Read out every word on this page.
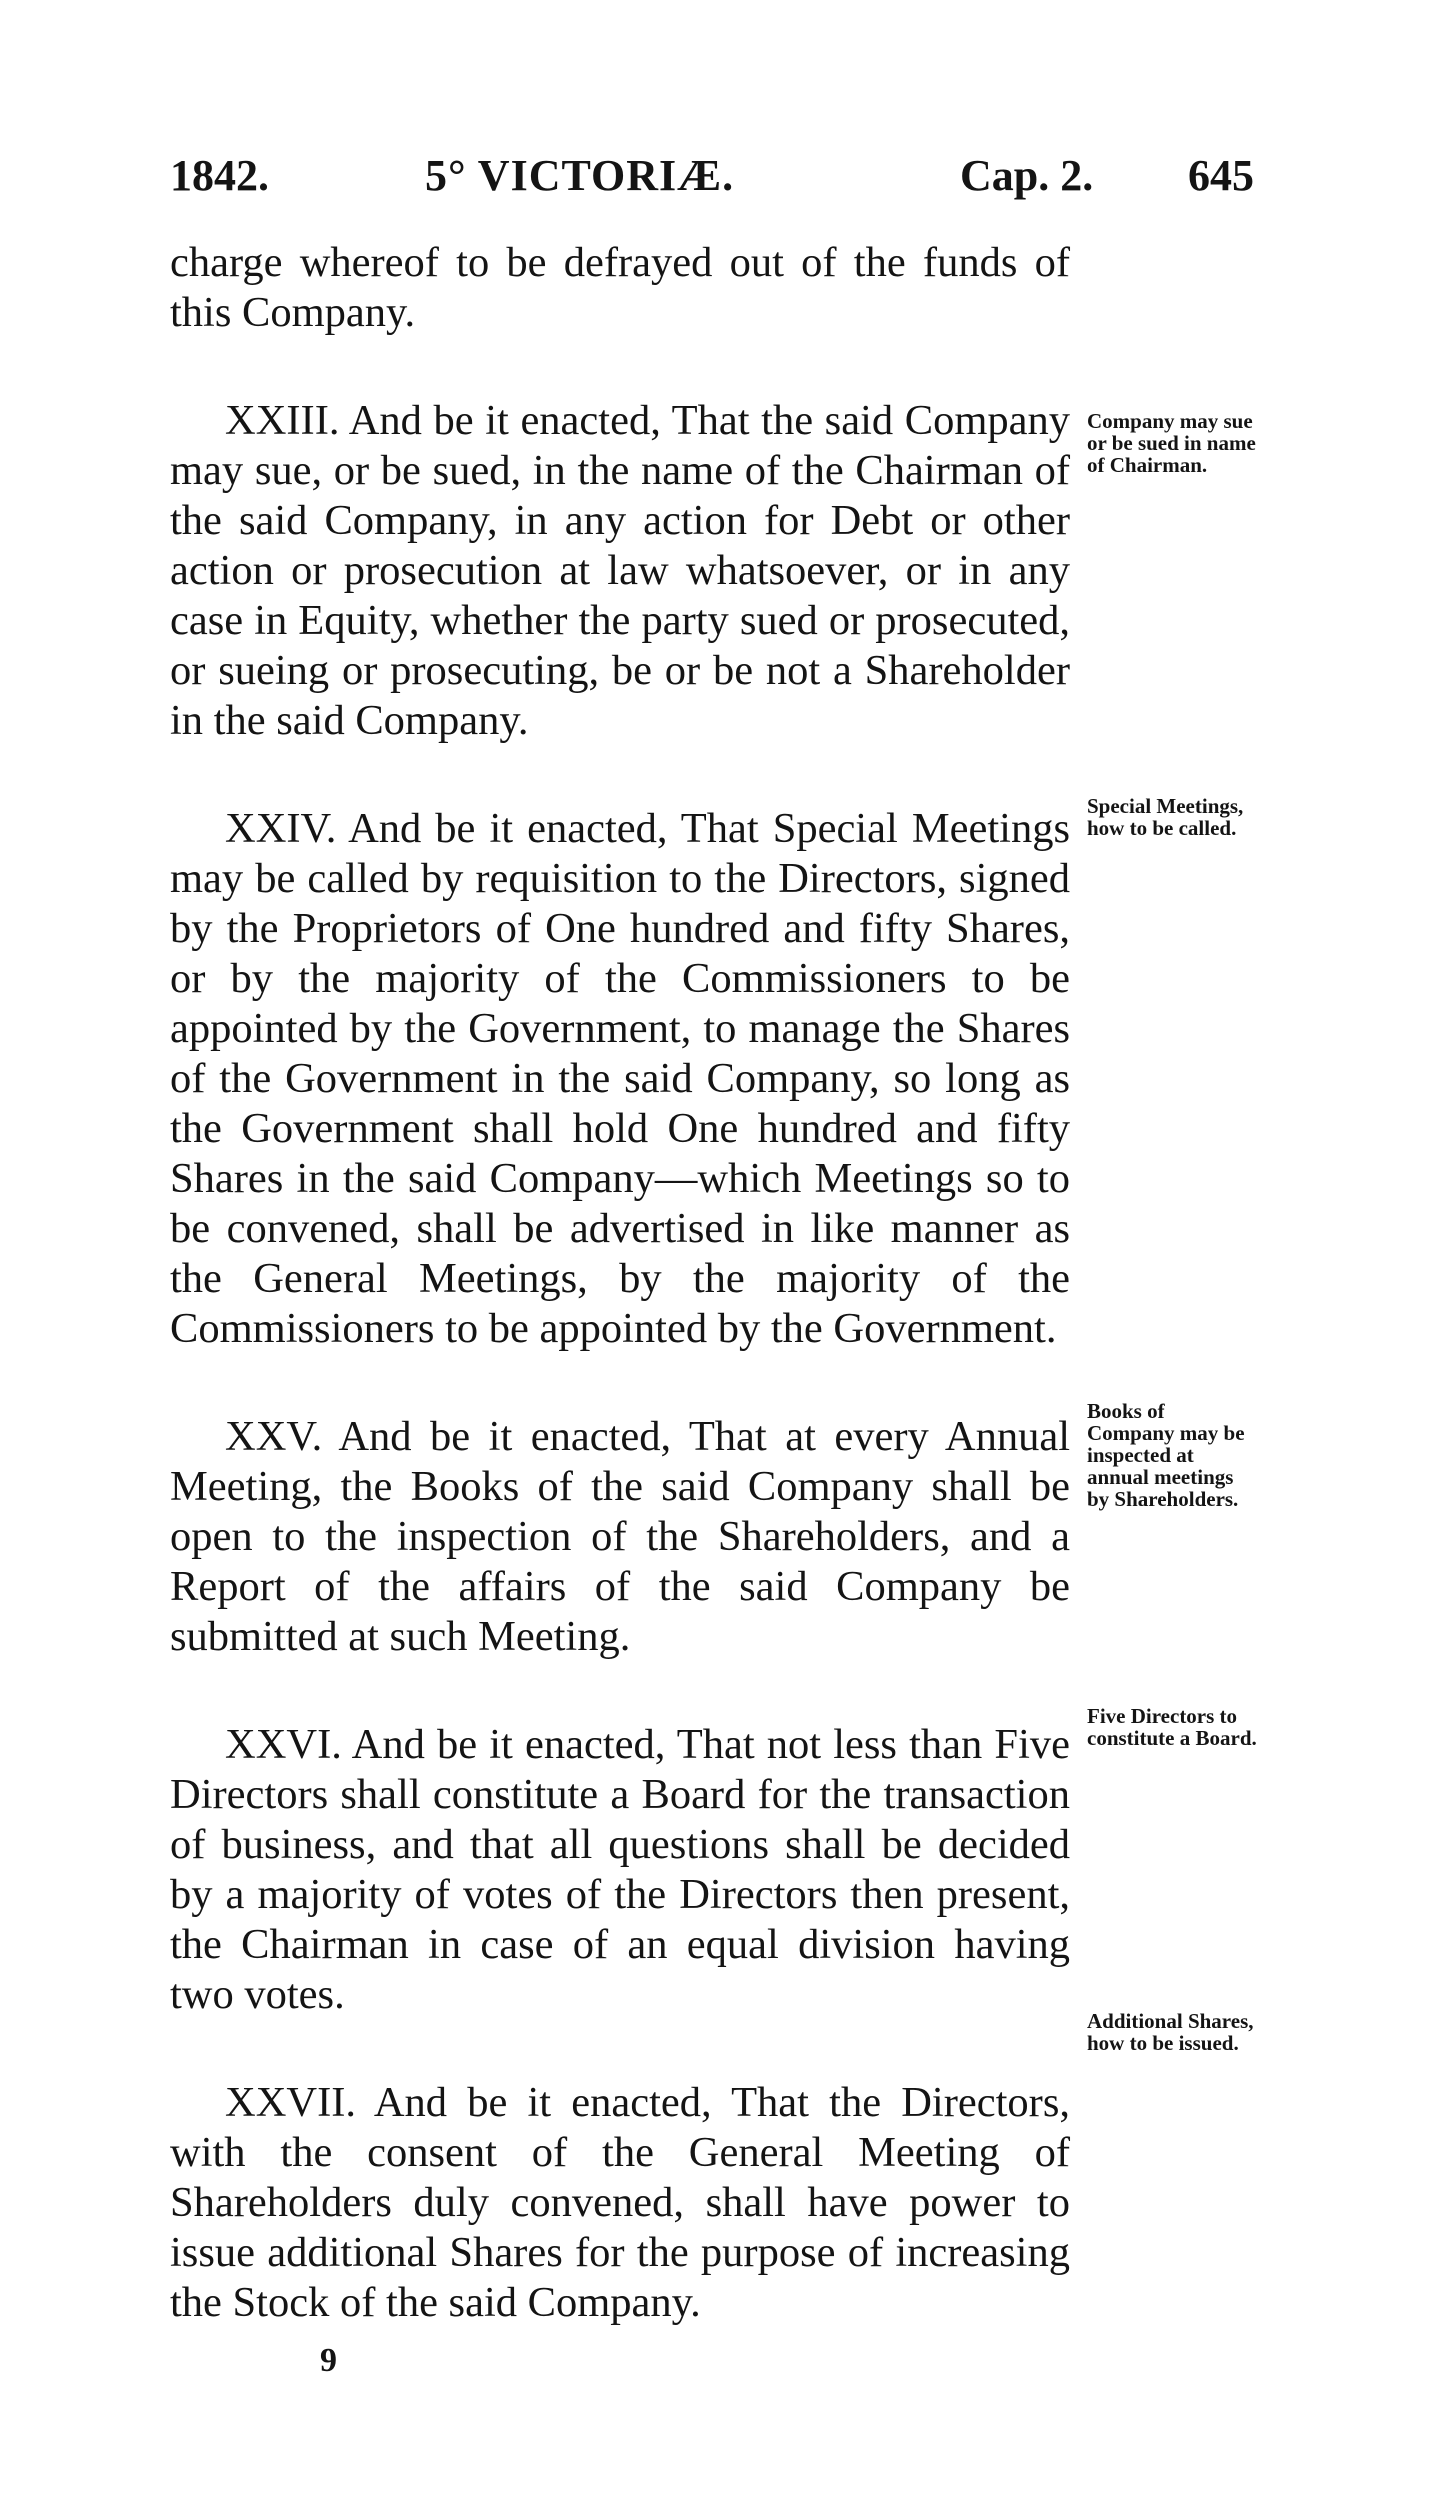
1842.	5° VICTORIÆ.	Cap. 2. 645

charge whereof to be defrayed out of the funds of this Company.

XXIII. And be it enacted, That the said Company may sue, or be sued, in the name of the Chairman of the said Company, in any action for Debt or other action or prosecution at law whatsoever, or in any case in Equity, whether the party sued or prosecuted, or sueing or prosecuting, be or be not a Shareholder in the said Company.

XXIV. And be it enacted, That Special Meetings may be called by requisition to the Directors, signed by the Proprietors of One hundred and fifty Shares, or by the majority of the Commissioners to be appointed by the Government, to manage the Shares of the Government in the said Company, so long as the Government shall hold One hundred and fifty Shares in the said Company—which Meetings so to be convened, shall be advertised in like manner as the General Meetings, by the majority of the Commissioners to be appointed by the Government.

XXV. And be it enacted, That at every Annual Meeting, the Books of the said Company shall be open to the inspection of the Shareholders, and a Report of the affairs of the said Company be submitted at such Meeting.

XXVI. And be it enacted, That not less than Five Directors shall constitute a Board for the transaction of business, and that all questions shall be decided by a majority of votes of the Directors then present, the Chairman in case of an equal division having two votes.

XXVII. And be it enacted, That the Directors, with the consent of the General Meeting of Shareholders duly convened, shall have power to issue additional Shares for the purpose of increasing the Stock of the said Company.

Company may sue or be sued in name of Chairman.
Special Meetings, how to be called.
Books of Company may be inspected at annual meetings by Shareholders.
Five Directors to constitute a Board.
Additional Shares, how to be issued.
9
